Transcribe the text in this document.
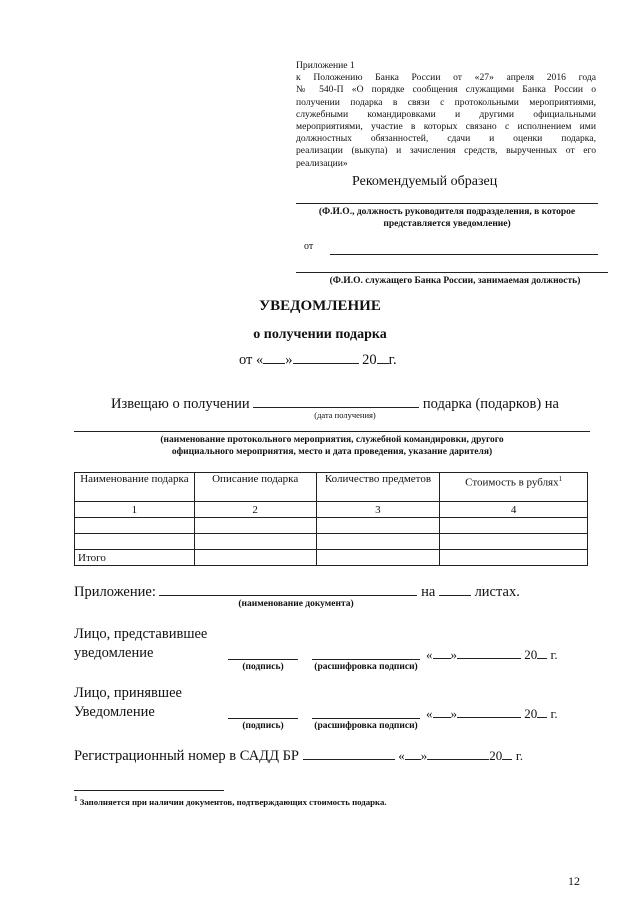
Приложение 1
к Положению Банка России от «27» апреля 2016 года
№ 540-П «О порядке сообщения служащими Банка России о
получении подарка в связи с протокольными мероприятиями,
служебными командировками и другими официальными
мероприятиями, участие в которых связано с исполнением ими
должностных обязанностей, сдачи и оценки подарка,
реализации (выкупа) и зачисления средств, вырученных от его
реализации»
Рекомендуемый образец
(Ф.И.О., должность руководителя подразделения, в которое представляется уведомление)
от
(Ф.И.О. служащего Банка России, занимаемая должность)
УВЕДОМЛЕНИЕ
о получении подарка
от « »	20 г.
Извещаю о получении	подарка (подарков) на
(дата получения)
(наименование протокольного мероприятия, служебной командировки, другого
официального мероприятия, место и дата проведения, указание дарителя)
Наименование подарка	Описание подарка	Количество предметов	Стоимость в рублях$^1$
1	2	3	4

Итого			
Приложение:	на	листах.
(наименование документа)
Лицо, представившее
уведомление
(подпись)	(расшифровка подписи)
« »	20 г.
Лицо, принявшее
Уведомление
(подпись)	(расшифровка подписи)
« »	20 г.
Регистрационный номер в САДД БР	« »	20 г.
$^1$ Заполняется при наличии документов, подтверждающих стоимость подарка.
12
